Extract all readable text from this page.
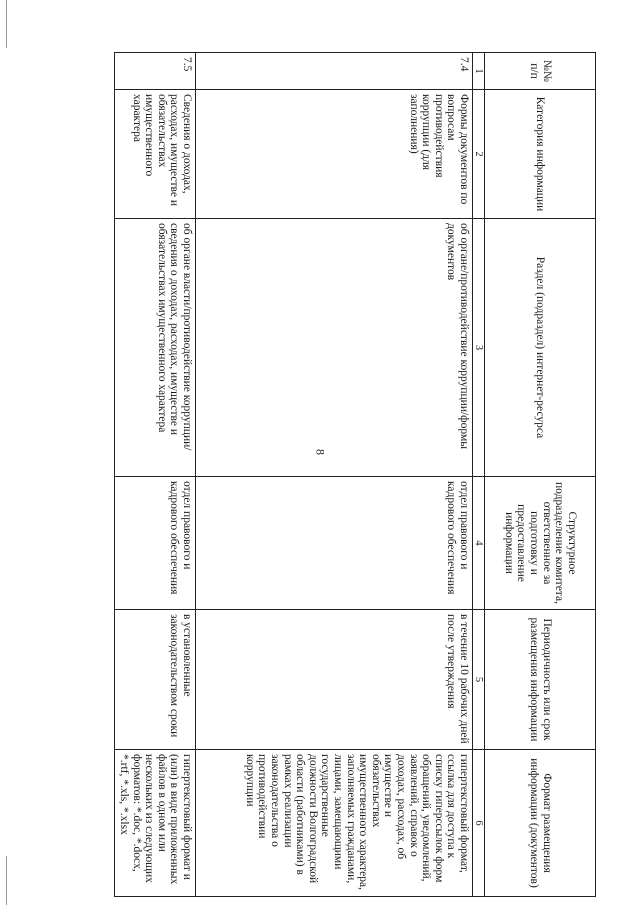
8
№№ п/п	Категория информации	Раздел (подраздел) интернет-ресурса	Структурное подразделение комитета, ответственное за подготовку и предоставление информации	Периодичность или срок размещения информации	Формат размещения информации (документов)
1	2	3	4	5	6
7.4	Формы документов по вопросам противодействия коррупции (для заполнения)	об органе/противодействие коррупции/формы документов	отдел правового и кадрового обеспечения	в течение 10 рабочих дней после утверждения	гипертекстовый формат, ссылка для доступа к списку гиперссылок форм обращений, уведомлений, заявлений, справок о доходах, расходах, об имуществе и обязательствах имущественного характера, заполняемых гражданами, лицами, замещающими государственные должности Волгоградской области (работниками) в рамках реализации законодательства о противодействии коррупции
7.5	Сведения о доходах, расходах, имуществе и обязательствах имущественного характера	об органе власти/противодействие коррупции/сведения о доходах, расходах, имуществе и обязательствах имущественного характера	отдел правового и кадрового обеспечения	в установленные законодательством сроки	гипертекстовый формат и (или) в виде приложенных файлов в одном или нескольких из следующих форматов: *.doc, *.docx, *.rtf, *.xls, *.xlsx
